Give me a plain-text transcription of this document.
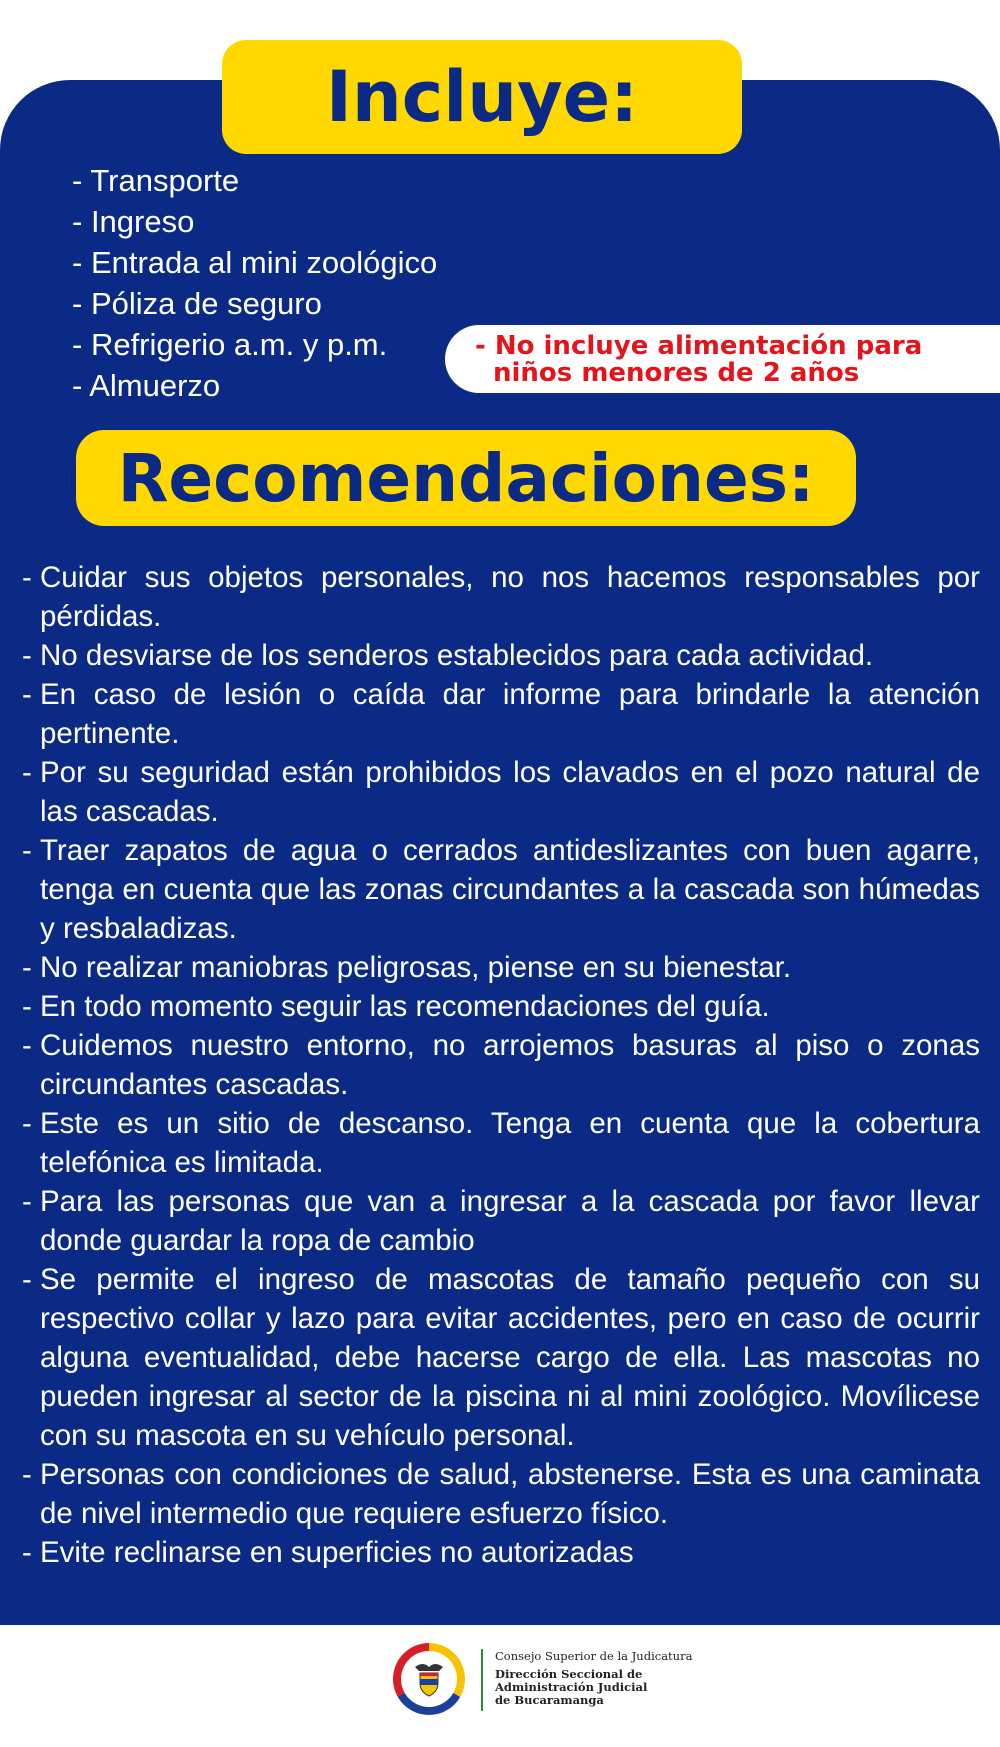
Incluye:
- Transporte
- Ingreso
- Entrada al mini zoológico
- Póliza de seguro
- Refrigerio a.m. y p.m.
- Almuerzo
- No incluye alimentación para
niños menores de 2 años
Recomendaciones:
- Cuidar sus objetos personales, no nos hacemos responsables por pérdidas.
- No desviarse de los senderos establecidos para cada actividad.
- En caso de lesión o caída dar informe para brindarle la atención pertinente.
- Por su seguridad están prohibidos los clavados en el pozo natural de las cascadas.
- Traer zapatos de agua o cerrados antideslizantes con buen agarre, tenga en cuenta que las zonas circundantes a la cascada son húmedas y resbaladizas.
- No realizar maniobras peligrosas, piense en su bienestar.
- En todo momento seguir las recomendaciones del guía.
- Cuidemos nuestro entorno, no arrojemos basuras al piso o zonas circundantes cascadas.
- Este es un sitio de descanso. Tenga en cuenta que la cobertura telefónica es limitada.
- Para las personas que van a ingresar a la cascada por favor llevar donde guardar la ropa de cambio
- Se permite el ingreso de mascotas de tamaño pequeño con su respectivo collar y lazo para evitar accidentes, pero en caso de ocurrir alguna eventualidad, debe hacerse cargo de ella. Las mascotas no pueden ingresar al sector de la piscina ni al mini zoológico. Movílicese con su mascota en su vehículo personal.
- Personas con condiciones de salud, abstenerse. Esta es una caminata de nivel intermedio que requiere esfuerzo físico.
- Evite reclinarse en superficies no autorizadas
Consejo Superior de la Judicatura
Dirección Seccional de
Administración Judicial
de Bucaramanga
